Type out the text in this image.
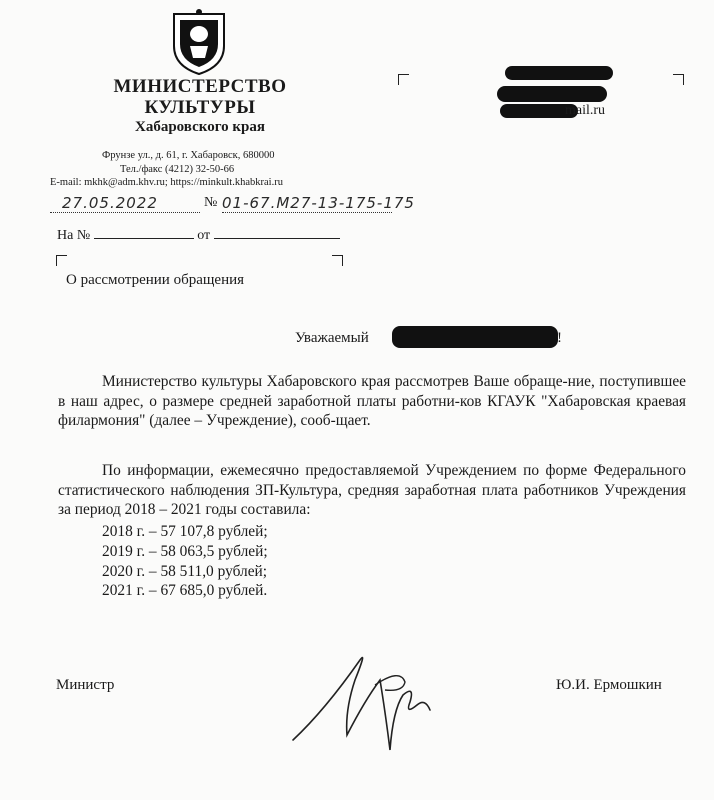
МИНИСТЕРСТВО
КУЛЬТУРЫ
Хабаровского края
Фрунзе ул., д. 61, г. Хабаровск, 680000
Тел./факс (4212) 32-50-66
E-mail: mkhk@adm.khv.ru; https://minkult.khabkrai.ru
27.05.2022	№ 01-67.М27-13-175-175
На №	от
mail.ru
О рассмотрении обращения
Уважаемый	!

Министерство культуры Хабаровского края рассмотрев Ваше обраще-ние, поступившее в наш адрес, о размере средней заработной платы работни-ков КГАУК "Хабаровская краевая филармония" (далее – Учреждение), сооб-щает.

По информации, ежемесячно предоставляемой Учреждением по форме Федерального статистического наблюдения ЗП-Культура, средняя заработная плата работников Учреждения за период 2018 – 2021 годы составила:

2018 г. – 57 107,8 рублей;
2019 г. – 58 063,5 рублей;
2020 г. – 58 511,0 рублей;
2021 г. – 67 685,0 рублей.
Министр	Ю.И. Ермошкин
